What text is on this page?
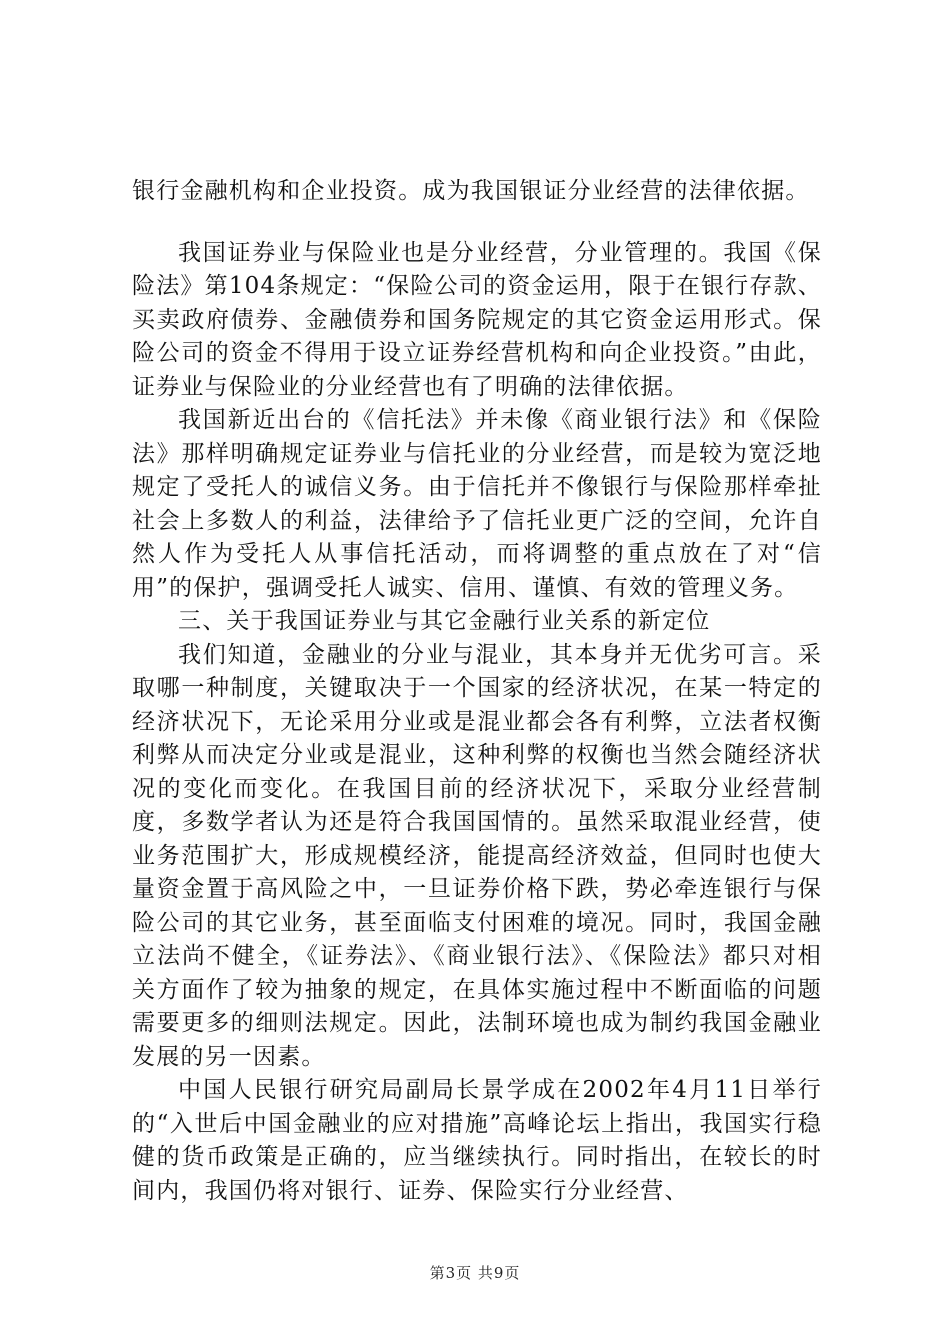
银行金融机构和企业投资。成为我国银证分业经营的法律依据。

我国证券业与保险业也是分业经营，分业管理的。我国《保险法》第104条规定：“保险公司的资金运用，限于在银行存款、买卖政府债券、金融债券和国务院规定的其它资金运用形式。保险公司的资金不得用于设立证券经营机构和向企业投资。”由此，证券业与保险业的分业经营也有了明确的法律依据。

我国新近出台的《信托法》并未像《商业银行法》和《保险法》那样明确规定证券业与信托业的分业经营，而是较为宽泛地规定了受托人的诚信义务。由于信托并不像银行与保险那样牵扯社会上多数人的利益，法律给予了信托业更广泛的空间，允许自然人作为受托人从事信托活动，而将调整的重点放在了对“信用”的保护，强调受托人诚实、信用、谨慎、有效的管理义务。

三、关于我国证券业与其它金融行业关系的新定位

我们知道，金融业的分业与混业，其本身并无优劣可言。采取哪一种制度，关键取决于一个国家的经济状况，在某一特定的经济状况下，无论采用分业或是混业都会各有利弊，立法者权衡利弊从而决定分业或是混业，这种利弊的权衡也当然会随经济状况的变化而变化。在我国目前的经济状况下，采取分业经营制度，多数学者认为还是符合我国国情的。虽然采取混业经营，使业务范围扩大，形成规模经济，能提高经济效益，但同时也使大量资金置于高风险之中，一旦证券价格下跌，势必牵连银行与保险公司的其它业务，甚至面临支付困难的境况。同时，我国金融立法尚不健全，《证券法》、《商业银行法》、《保险法》都只对相关方面作了较为抽象的规定，在具体实施过程中不断面临的问题需要更多的细则法规定。因此，法制环境也成为制约我国金融业发展的另一因素。

中国人民银行研究局副局长景学成在2002年4月11日举行的“入世后中国金融业的应对措施”高峰论坛上指出，我国实行稳健的货币政策是正确的，应当继续执行。同时指出，在较长的时间内，我国仍将对银行、证券、保险实行分业经营、

第3页 共9页
